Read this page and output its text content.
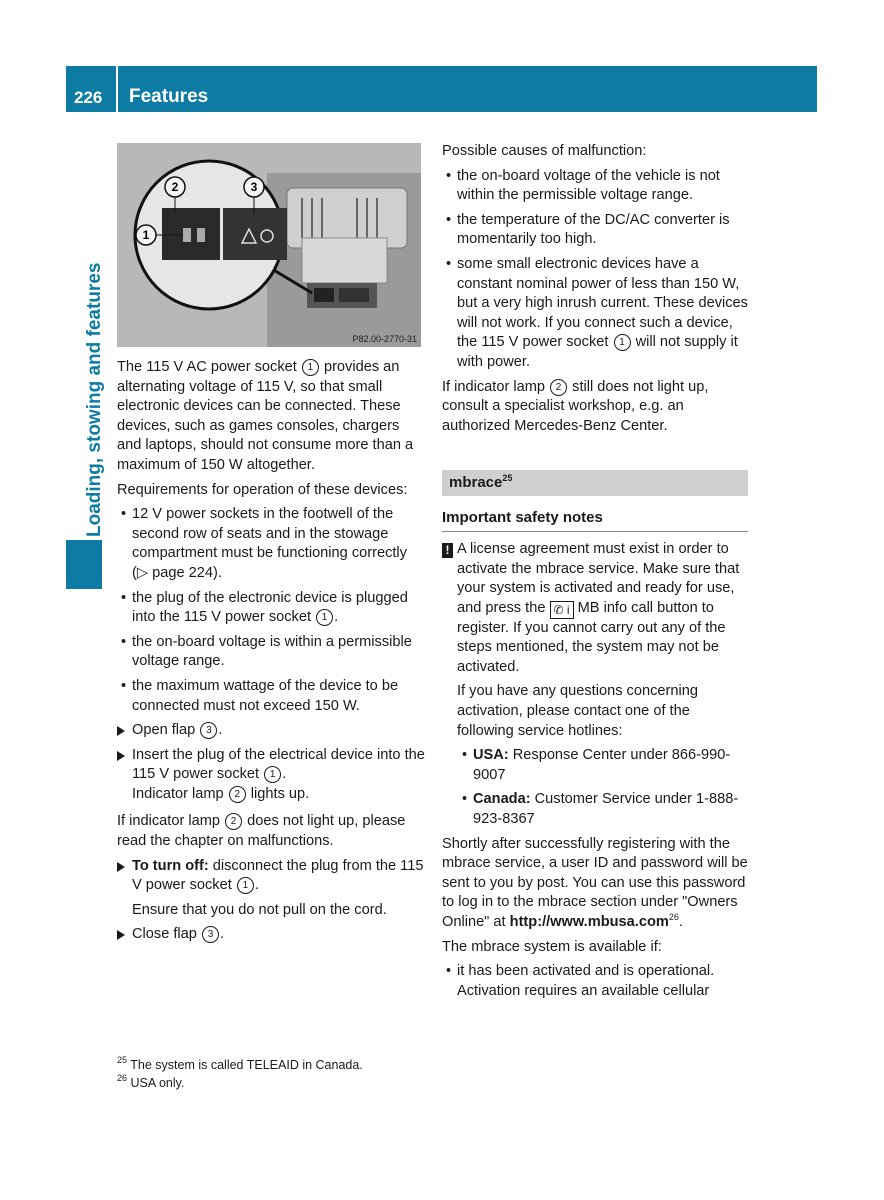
226 Features
Loading, stowing and features
2	3
1
P82.00-2770-31

The 115 V AC power socket 1 provides an alternating voltage of 115 V, so that small electronic devices can be connected. These devices, such as games consoles, chargers and laptops, should not consume more than a maximum of 150 W altogether.

Requirements for operation of these devices:

• 12 V power sockets in the footwell of the second row of seats and in the stowage compartment must be functioning correctly (▷ page 224).

• the plug of the electronic device is plugged into the 115 V power socket 1 .

• the on-board voltage is within a permissible voltage range.

• the maximum wattage of the device to be connected must not exceed 150 W.

Open flap 3 .

Insert the plug of the electrical device into the 115 V power socket 1 .
Indicator lamp 2 lights up.

If indicator lamp 2 does not light up, please read the chapter on malfunctions.

To turn off: disconnect the plug from the 115 V power socket 1 .

Ensure that you do not pull on the cord.

Close flap 3 .

Possible causes of malfunction:

• the on-board voltage of the vehicle is not within the permissible voltage range.

• the temperature of the DC/AC converter is momentarily too high.

• some small electronic devices have a constant nominal power of less than 150 W, but a very high inrush current. These devices will not work. If you connect such a device, the 115 V power socket 1 will not supply it with power.

If indicator lamp 2 still does not light up, consult a specialist workshop, e.g. an authorized Mercedes-Benz Center.

mbrace$^{25}$
Important safety notes
! A license agreement must exist in order to activate the mbrace service. Make sure that your system is activated and ready for use, and press the ✆ i MB info call button to register. If you cannot carry out any of the steps mentioned, the system may not be activated.

If you have any questions concerning activation, please contact one of the following service hotlines:

• USA: Response Center under 866-990-9007

• Canada: Customer Service under 1-888-923-8367

Shortly after successfully registering with the mbrace service, a user ID and password will be sent to you by post. You can use this password to log in to the mbrace section under "Owners Online" at http://www.mbusa.com$^{26}$.

The mbrace system is available if:

• it has been activated and is operational. Activation requires an available cellular

$^{25}$ The system is called TELEAID in Canada.
$^{26}$ USA only.
